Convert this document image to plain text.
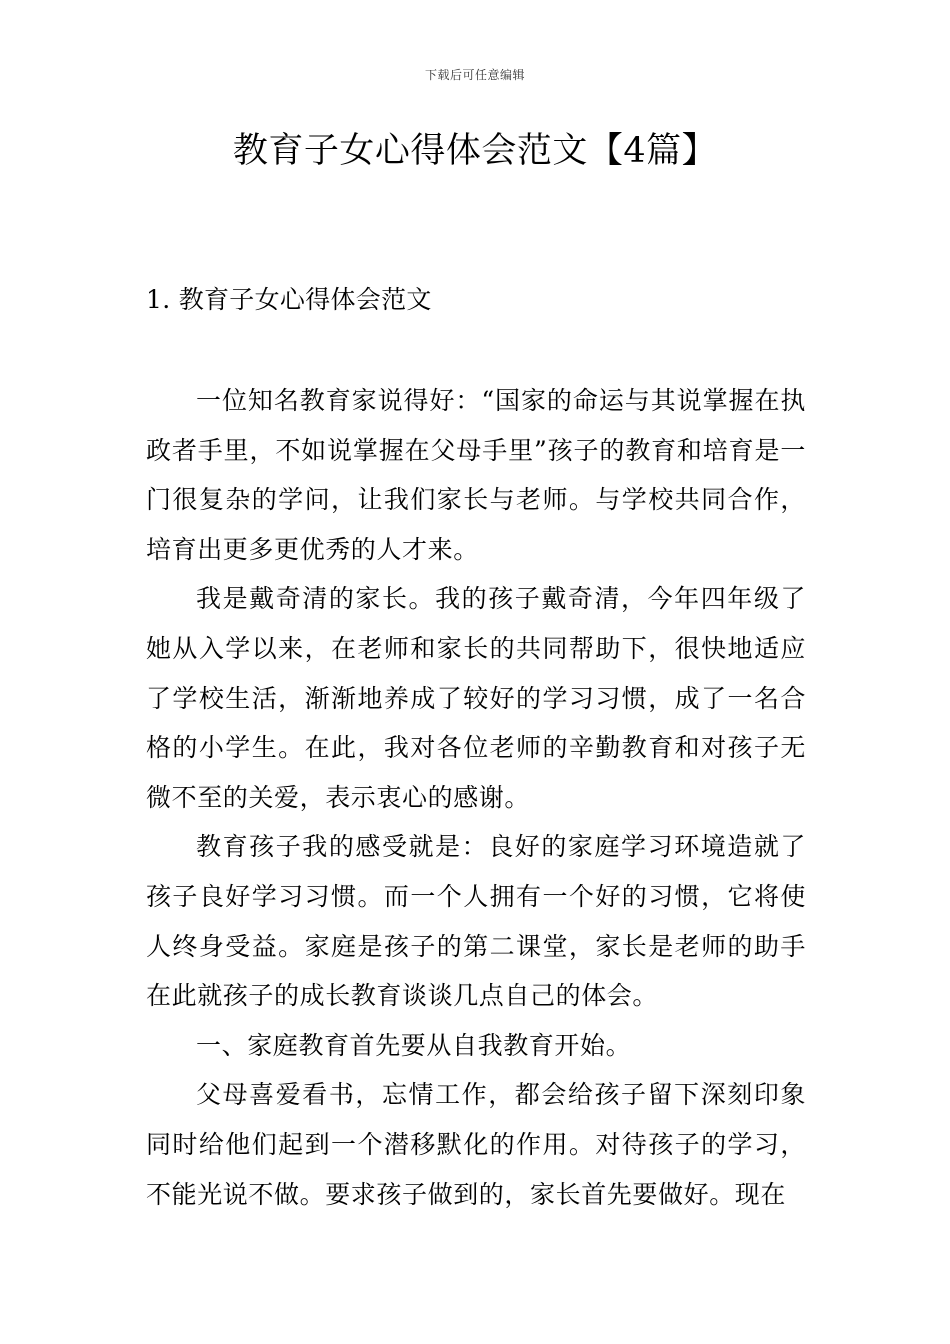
下载后可任意编辑
教育子女心得体会范文【4篇】
1. 教育子女心得体会范文

一位知名教育家说得好：“国家的命运与其说掌握在执政者手里，不如说掌握在父母手里”孩子的教育和培育是一门很复杂的学问，让我们家长与老师。与学校共同合作，培育出更多更优秀的人才来。

我是戴奇清的家长。我的孩子戴奇清，今年四年级了她从入学以来，在老师和家长的共同帮助下，很快地适应了学校生活，渐渐地养成了较好的学习习惯，成了一名合格的小学生。在此，我对各位老师的辛勤教育和对孩子无微不至的关爱，表示衷心的感谢。

教育孩子我的感受就是：良好的家庭学习环境造就了孩子良好学习习惯。而一个人拥有一个好的习惯，它将使人终身受益。家庭是孩子的第二课堂，家长是老师的助手在此就孩子的成长教育谈谈几点自己的体会。

一、家庭教育首先要从自我教育开始。

父母喜爱看书，忘情工作，都会给孩子留下深刻印象同时给他们起到一个潜移默化的作用。对待孩子的学习，不能光说不做。要求孩子做到的，家长首先要做好。现在
